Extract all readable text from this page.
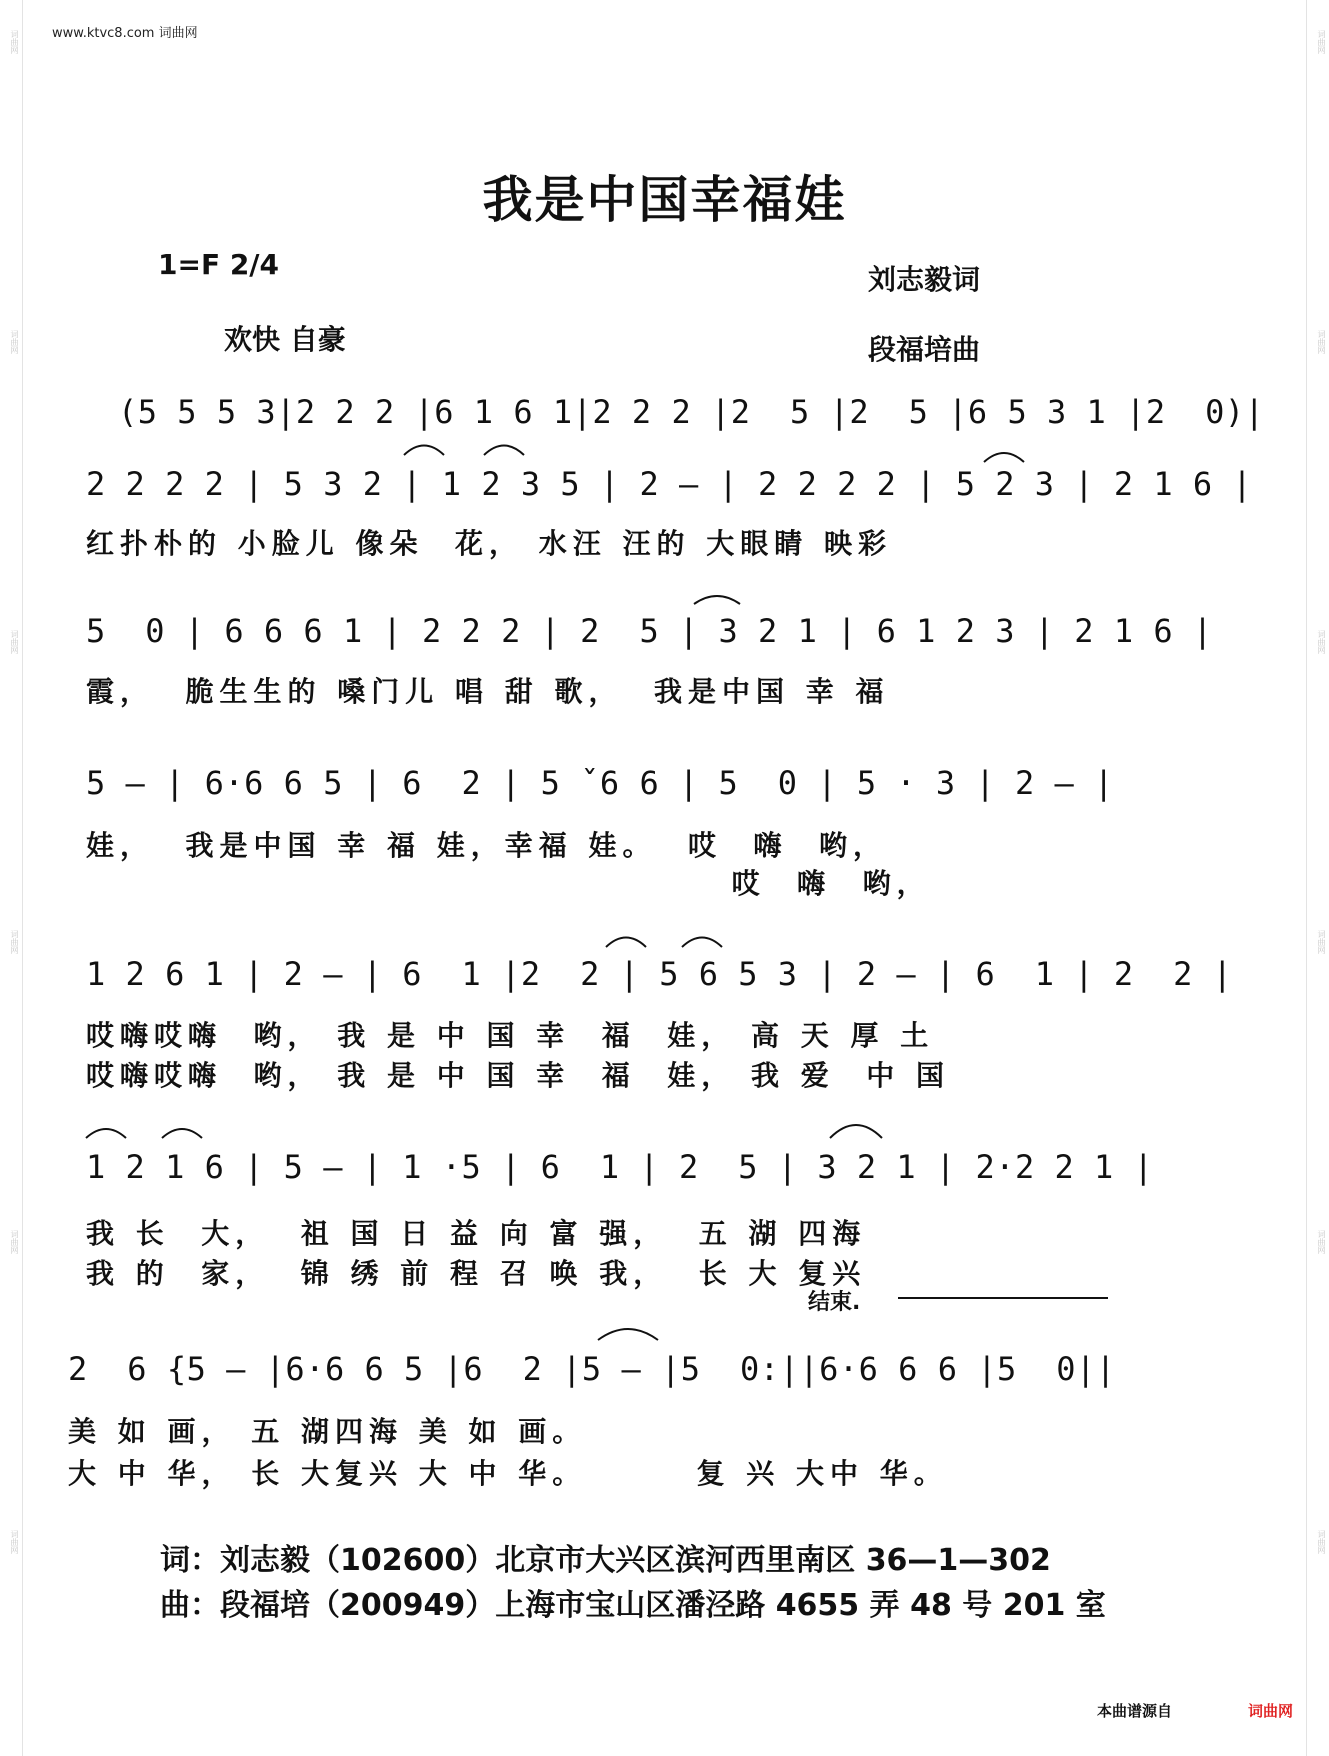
词曲网
词曲网
词曲网
词曲网
词曲网
词曲网
词曲网
词曲网
词曲网
词曲网
词曲网
词曲网
www.ktvc8.com 词曲网
我是中国幸福娃
1=F 2/4
欢快 自豪
刘志毅词
段福培曲
(5 5 5 3|2 2 2 |6 1 6 1|2 2 2 |2  5 |2  5 |6 5 3 1 |2  0)|
2 2 2 2 | 5 3 2 | 1 2 3 5 | 2 — | 2 2 2 2 | 5 2 3 | 2 1 6 |
红扑朴的 小脸儿 像朵  花， 水汪 汪的 大眼睛 映彩
5  0 | 6 6 6 1 | 2 2 2 | 2  5 | 3 2 1 | 6 1 2 3 | 2 1 6 |
霞，  脆生生的 嗓门儿 唱 甜 歌，  我是中国 幸 福
5 — | 6·6 6 5 | 6  2 | 5 ˇ6 6 | 5  0 | 5 · 3 | 2 — |
娃，  我是中国 幸 福 娃，幸福 娃。  哎  嗨  哟，
哎  嗨  哟，
1 2 6 1 | 2 — | 6  1 |2  2 | 5 6 5 3 | 2 — | 6  1 | 2  2 |
哎嗨哎嗨  哟， 我 是 中 国 幸  福  娃， 高 天 厚 土
哎嗨哎嗨  哟， 我 是 中 国 幸  福  娃， 我 爱  中 国
1 2 1 6 | 5 — | 1 ·5 | 6  1 | 2  5 | 3 2 1 | 2·2 2 1 |
我 长  大，  祖 国 日 益 向 富 强，  五 湖 四海
我 的  家，  锦 绣 前 程 召 唤 我，  长 大 复兴
结束.
2  6 {5 — |6·6 6 5 |6  2 |5 — |5  0:||6·6 6 6 |5  0||
美 如 画， 五 湖四海 美 如 画。
大 中 华， 长 大复兴 大 中 华。       复 兴 大中 华。
词：刘志毅（102600）北京市大兴区滨河西里南区 36—1—302
曲：段福培（200949）上海市宝山区潘泾路 4655 弄 48 号 201 室
本曲谱源自	词曲网
